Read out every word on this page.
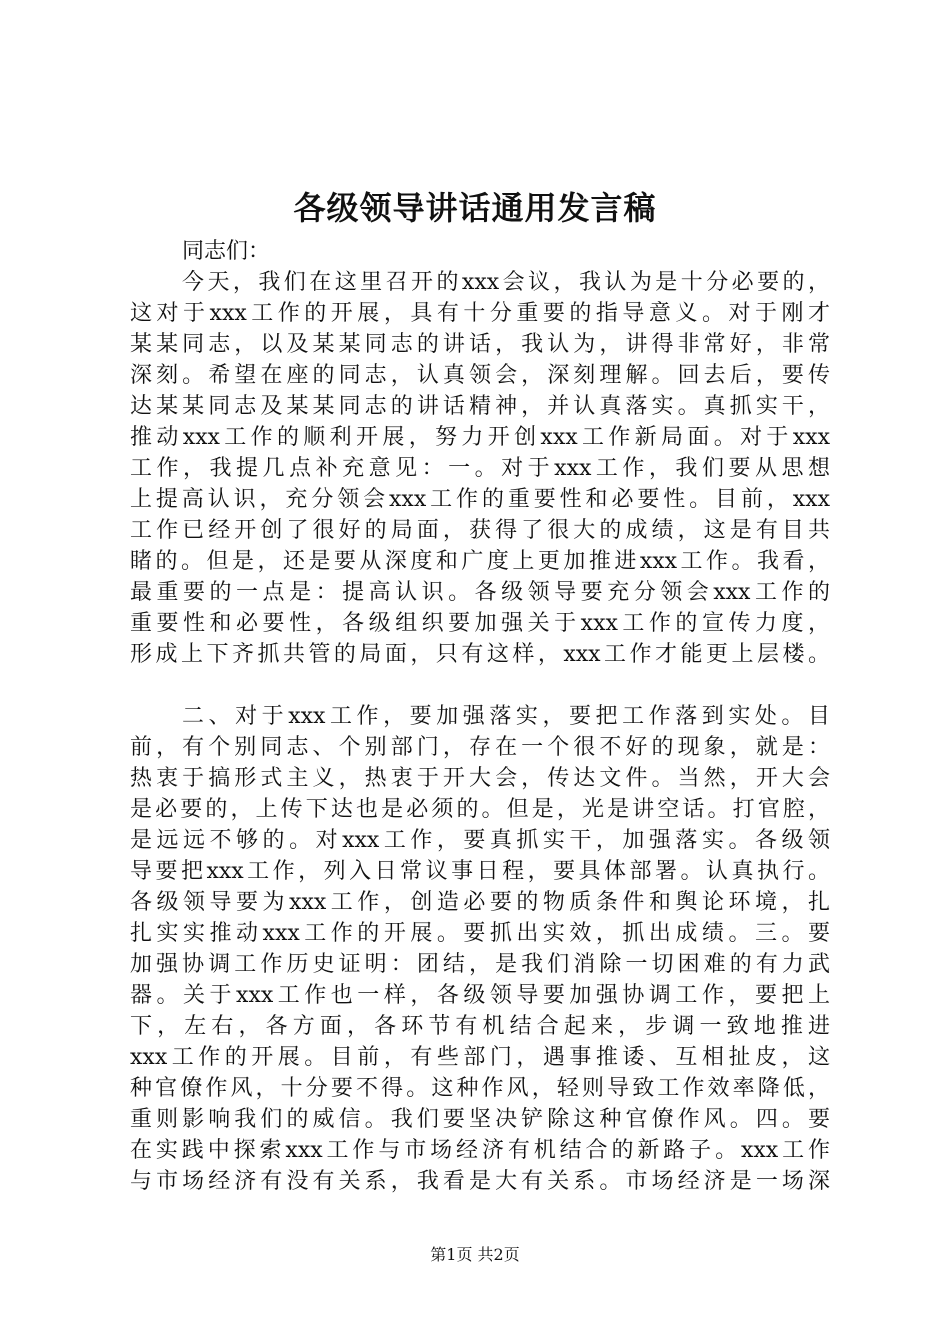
各级领导讲话通用发言稿
同志们：
今天，我们在这里召开的xxx会议，我认为是十分必要的，
这对于xxx工作的开展，具有十分重要的指导意义。对于刚才
某某同志，以及某某同志的讲话，我认为，讲得非常好，非常
深刻。希望在座的同志，认真领会，深刻理解。回去后，要传
达某某同志及某某同志的讲话精神，并认真落实。真抓实干，
推动xxx工作的顺利开展，努力开创xxx工作新局面。对于xxx
工作，我提几点补充意见：一。对于xxx工作，我们要从思想
上提高认识，充分领会xxx工作的重要性和必要性。目前，xxx
工作已经开创了很好的局面，获得了很大的成绩，这是有目共
睹的。但是，还是要从深度和广度上更加推进xxx工作。我看，
最重要的一点是：提高认识。各级领导要充分领会xxx工作的
重要性和必要性，各级组织要加强关于xxx工作的宣传力度，
形成上下齐抓共管的局面，只有这样，xxx工作才能更上层楼。
二、对于xxx工作，要加强落实，要把工作落到实处。目
前，有个别同志、个别部门，存在一个很不好的现象，就是：
热衷于搞形式主义，热衷于开大会，传达文件。当然，开大会
是必要的，上传下达也是必须的。但是，光是讲空话。打官腔，
是远远不够的。对xxx工作，要真抓实干，加强落实。各级领
导要把xxx工作，列入日常议事日程，要具体部署。认真执行。
各级领导要为xxx工作，创造必要的物质条件和舆论环境，扎
扎实实推动xxx工作的开展。要抓出实效，抓出成绩。三。要
加强协调工作历史证明：团结，是我们消除一切困难的有力武
器。关于xxx工作也一样，各级领导要加强协调工作，要把上
下，左右，各方面，各环节有机结合起来，步调一致地推进
xxx工作的开展。目前，有些部门，遇事推诿、互相扯皮，这
种官僚作风，十分要不得。这种作风，轻则导致工作效率降低，
重则影响我们的威信。我们要坚决铲除这种官僚作风。四。要
在实践中探索xxx工作与市场经济有机结合的新路子。xxx工作
与市场经济有没有关系，我看是大有关系。市场经济是一场深
第1页 共2页
